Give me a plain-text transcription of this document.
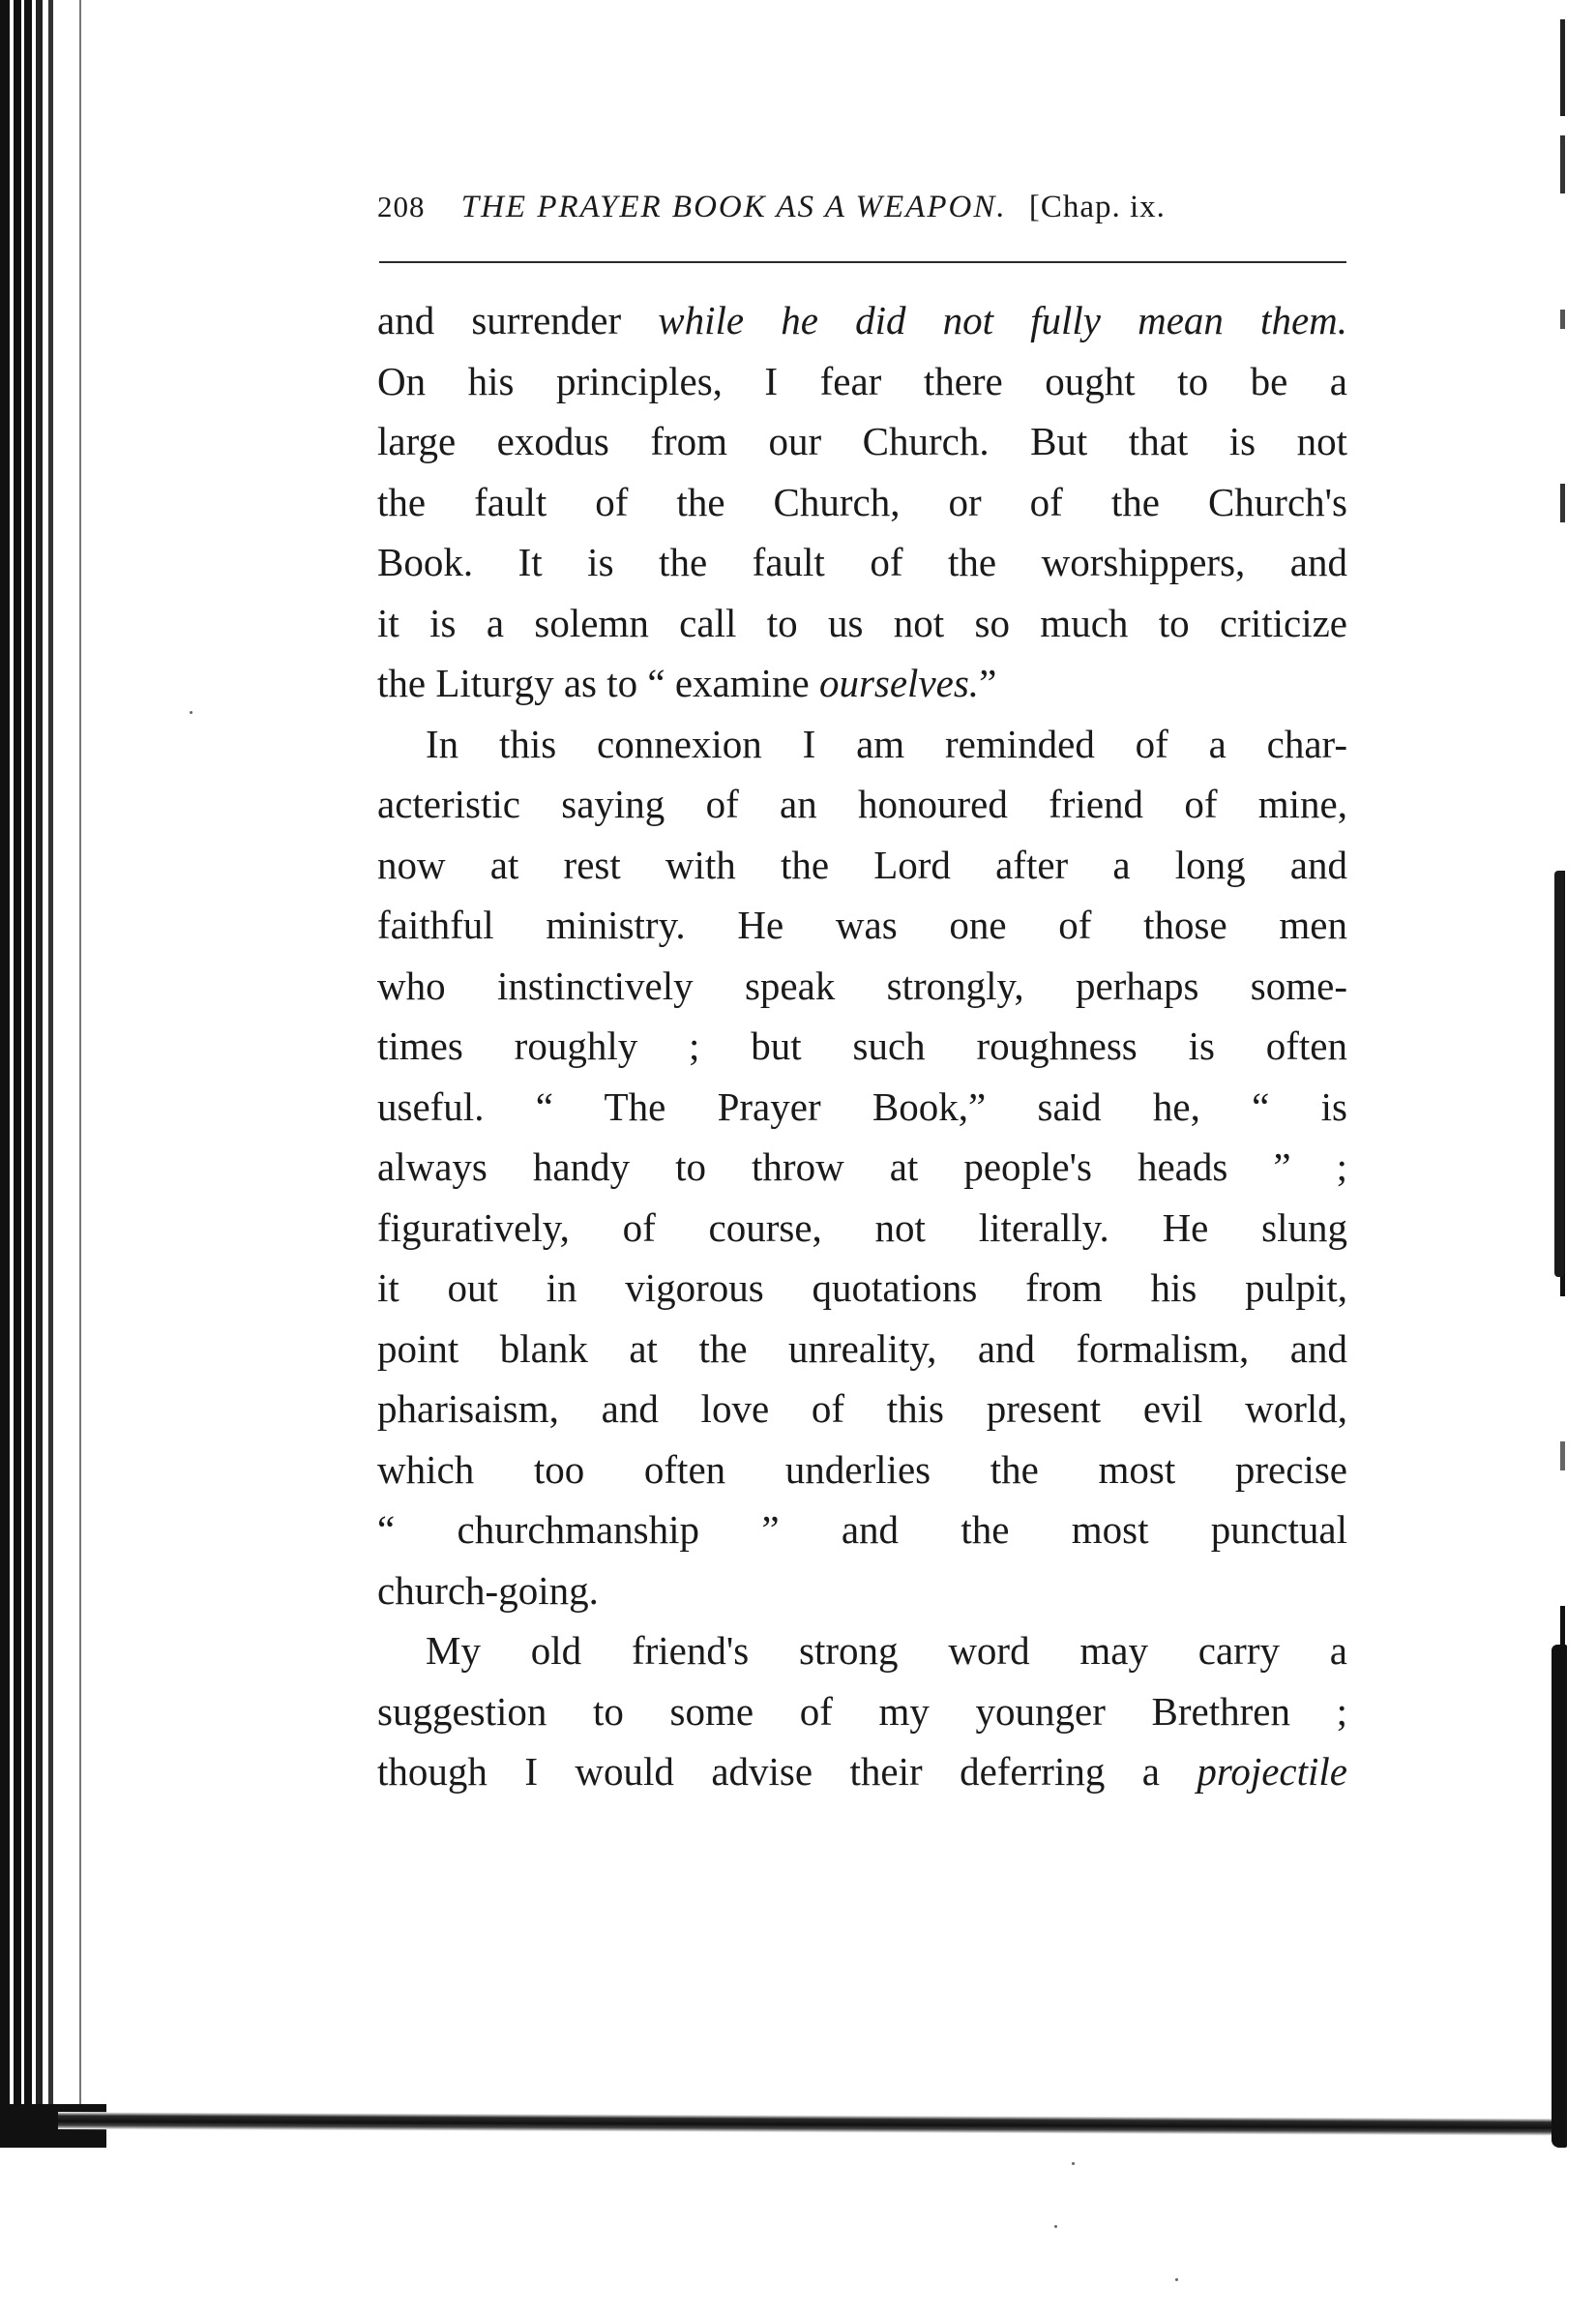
208 THE PRAYER BOOK AS A WEAPON. [Chap. ix.
and surrender while he did not fully mean them.
On his principles, I fear there ought to be a
large exodus from our Church. But that is not
the fault of the Church, or of the Church's
Book. It is the fault of the worshippers, and
it is a solemn call to us not so much to criticize
the Liturgy as to “ examine ourselves.”
In this connexion I am reminded of a char-
acteristic saying of an honoured friend of mine,
now at rest with the Lord after a long and
faithful ministry. He was one of those men
who instinctively speak strongly, perhaps some-
times roughly ; but such roughness is often
useful. “ The Prayer Book,” said he, “ is
always handy to throw at people's heads ” ;
figuratively, of course, not literally. He slung
it out in vigorous quotations from his pulpit,
point blank at the unreality, and formalism, and
pharisaism, and love of this present evil world,
which too often underlies the most precise
“ churchmanship ” and the most punctual
church-going.
My old friend's strong word may carry a
suggestion to some of my younger Brethren ;
though I would advise their deferring a projectile
